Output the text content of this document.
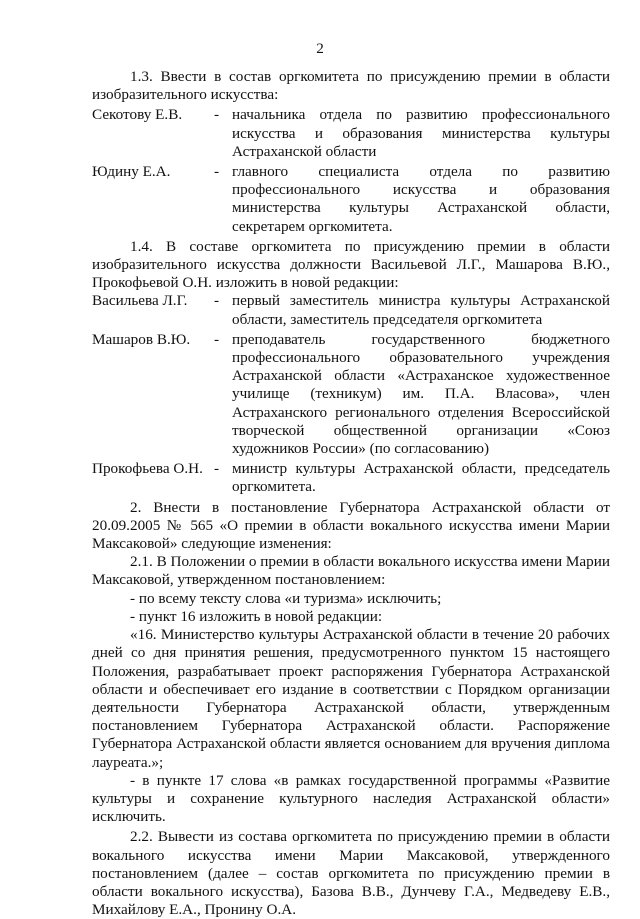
2

1.3. Ввести в состав оргкомитета по присуждению премии в области изобразительного искусства:

Секотову Е.В.	- начальника отдела по развитию профессионального искусства и образования министерства культуры Астраханской области
Юдину Е.А.	- главного специалиста отдела по развитию профессионального искусства и образования министерства культуры Астраханской области, секретарем оргкомитета.

1.4. В составе оргкомитета по присуждению премии в области изобразительного искусства должности Васильевой Л.Г., Машарова В.Ю., Прокофьевой О.Н. изложить в новой редакции:

Васильева Л.Г.	- первый заместитель министра культуры Астраханской области, заместитель председателя оргкомитета
Машаров В.Ю.	- преподаватель государственного бюджетного профессионального образовательного учреждения Астраханской области «Астраханское художественное училище (техникум) им. П.А. Власова», член Астраханского регионального отделения Всероссийской творческой общественной организации «Союз художников России» (по согласованию)
Прокофьева О.Н. - министр культуры Астраханской области, председатель оргкомитета.

2. Внести в постановление Губернатора Астраханской области от 20.09.2005 № 565 «О премии в области вокального искусства имени Марии Максаковой» следующие изменения:

2.1. В Положении о премии в области вокального искусства имени Марии Максаковой, утвержденном постановлением:

- по всему тексту слова «и туризма» исключить;

- пункт 16 изложить в новой редакции:

«16. Министерство культуры Астраханской области в течение 20 рабочих дней со дня принятия решения, предусмотренного пунктом 15 настоящего Положения, разрабатывает проект распоряжения Губернатора Астраханской области и обеспечивает его издание в соответствии с Порядком организации деятельности Губернатора Астраханской области, утвержденным постановлением Губернатора Астраханской области. Распоряжение Губернатора Астраханской области является основанием для вручения диплома лауреата.»;

- в пункте 17 слова «в рамках государственной программы «Развитие культуры и сохранение культурного наследия Астраханской области» исключить.

2.2. Вывести из состава оргкомитета по присуждению премии в области вокального искусства имени Марии Максаковой, утвержденного постановлением (далее – состав оргкомитета по присуждению премии в области вокального искусства), Базова В.В., Дунчеву Г.А., Медведеву Е.В., Михайлову Е.А., Пронину О.А.
